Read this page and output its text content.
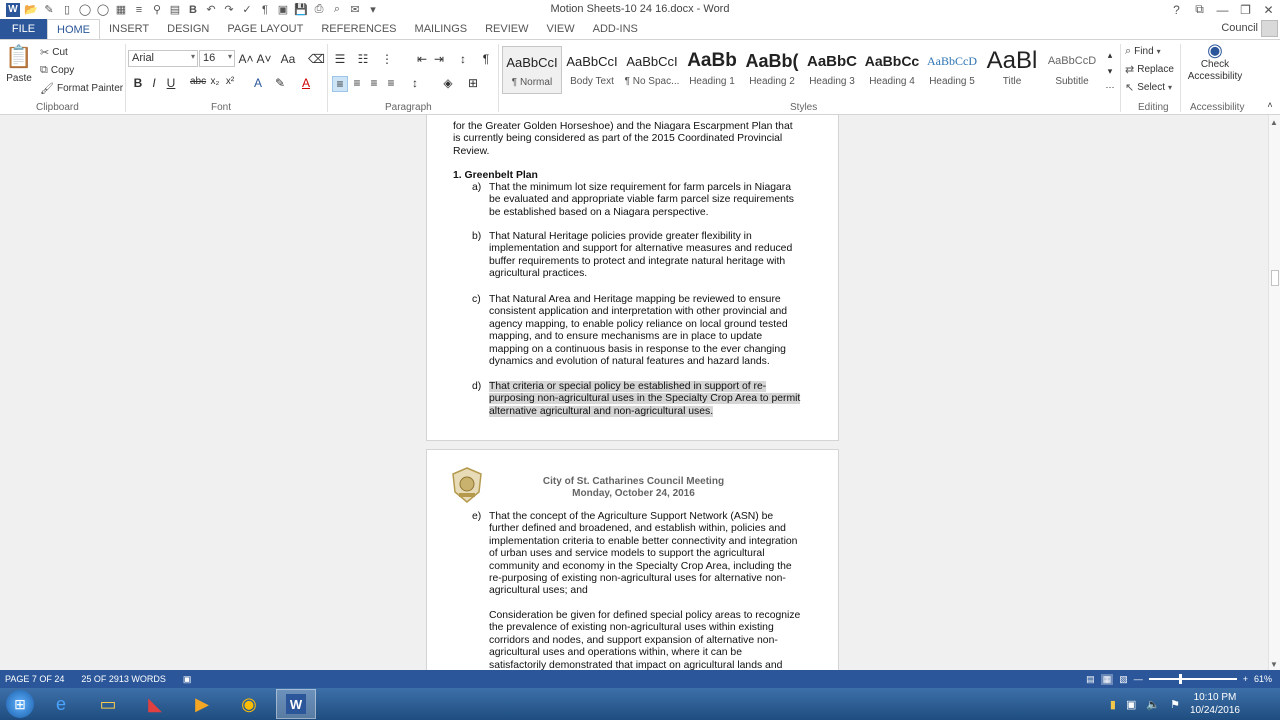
W 📂 ✎ ▯ ◯ ◯ ▦ ≡ ⚲ ▤ B ↶ ↷ ✓ ¶ ▣ 💾 ⎙ ⌕ ✉ ▾	Motion Sheets-10 24 16.docx - Word	?	⧉	— ❐	✕
FILE	HOME	INSERT	DESIGN	PAGE LAYOUT	REFERENCES	MAILINGS	REVIEW	VIEW	ADD-INS	Council
📋
Paste
✂ Cut
⧉ Copy
🖌 Format Painter
Clipboard
Arial	▾ 16 ▾ A˄ A˅ Aa ⌫
B I U	abc x₂ x²	A	✎	A
Font
☰ ☷ ⋮ ⇤ ⇥	↕	¶
≡ ≡ ≡ ≡	↕	◈ ⊞
Paragraph
AaBbCcI
¶ Normal
AaBbCcI
Body Text
AaBbCcI
¶ No Spac...
AaBb
Heading 1
AaBb(
Heading 2
AaBbC
Heading 3
AaBbCc
Heading 4
AaBbCcD
Heading 5
AaBl
Title
AaBbCcD
Subtitle
▴
▾
⋯
Styles
⌕ Find ▾
⇄ Replace
↖ Select ▾
Editing
◉
Check Accessibility
Accessibility	˄
for the Greater Golden Horseshoe) and the Niagara Escarpment Plan that
is currently being considered as part of the 2015 Coordinated Provincial
Review.
1. Greenbelt Plan
a) That the minimum lot size requirement for farm parcels in Niagara
be evaluated and appropriate viable farm parcel size requirements
be established based on a Niagara perspective.
b) That Natural Heritage policies provide greater flexibility in
implementation and support for alternative measures and reduced
buffer requirements to protect and integrate natural heritage with
agricultural practices.
c) That Natural Area and Heritage mapping be reviewed to ensure
consistent application and interpretation with other provincial and
agency mapping, to enable policy reliance on local ground tested
mapping, and to ensure mechanisms are in place to update
mapping on a continuous basis in response to the ever changing
dynamics and evolution of natural features and hazard lands.
d) That criteria or special policy be established in support of re-
purposing non-agricultural uses in the Specialty Crop Area to permit
alternative agricultural and non-agricultural uses.
City of St. Catharines Council Meeting
Monday, October 24, 2016
e) That the concept of the Agriculture Support Network (ASN) be
further defined and broadened, and establish within, policies and
implementation criteria to enable better connectivity and integration
of urban uses and service models to support the agricultural
community and economy in the Specialty Crop Area, including the
re-purposing of existing non-agricultural uses for alternative non-
agricultural uses; and
Consideration be given for defined special policy areas to recognize
the prevalence of existing non-agricultural uses within existing
corridors and nodes, and support expansion of alternative non-
agricultural uses and operations within, where it can be
satisfactorily demonstrated that impact on agricultural lands and
▲
▼
PAGE 7 OF 24 25 OF 2913 WORDS ▣	▤ ▦ ▧ —	+ 61%
⊞	e	▭	◣	▶	◉	W	▮ ▣ 🔈 ⚑
10:10 PM
10/24/2016
